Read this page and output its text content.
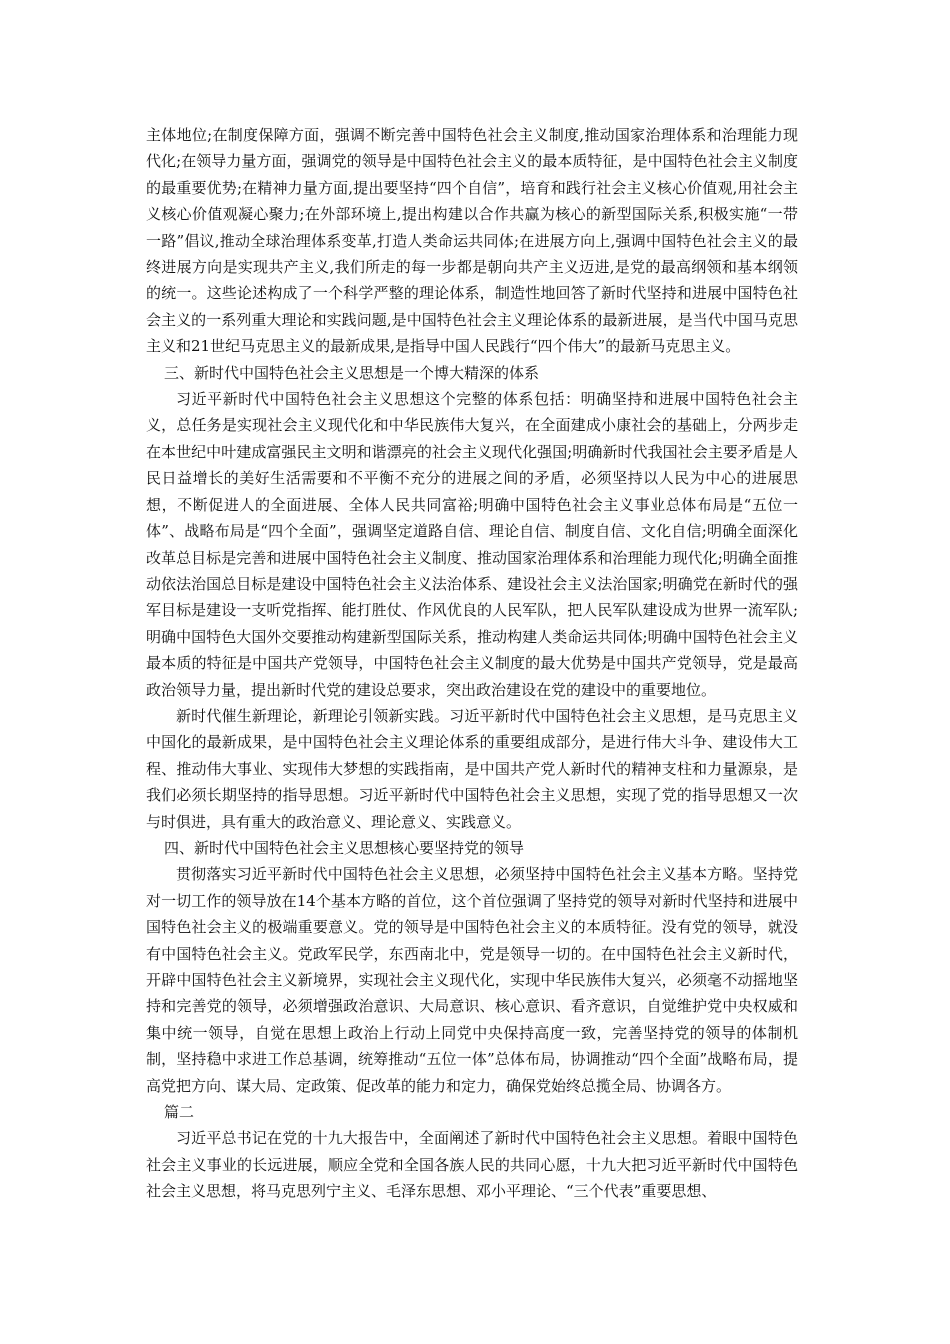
主体地位;在制度保障方面，强调不断完善中国特色社会主义制度,推动国家治理体系和治理能力现代化;在领导力量方面，强调党的领导是中国特色社会主义的最本质特征，是中国特色社会主义制度的最重要优势;在精神力量方面,提出要坚持“四个自信”，培育和践行社会主义核心价值观,用社会主义核心价值观凝心聚力;在外部环境上,提出构建以合作共赢为核心的新型国际关系,积极实施“一带一路”倡议,推动全球治理体系变革,打造人类命运共同体;在进展方向上,强调中国特色社会主义的最终进展方向是实现共产主义,我们所走的每一步都是朝向共产主义迈进,是党的最高纲领和基本纲领的统一。这些论述构成了一个科学严整的理论体系，制造性地回答了新时代坚持和进展中国特色社会主义的一系列重大理论和实践问题,是中国特色社会主义理论体系的最新进展，是当代中国马克思主义和21世纪马克思主义的最新成果,是指导中国人民践行“四个伟大”的最新马克思主义。

三、新时代中国特色社会主义思想是一个博大精深的体系

习近平新时代中国特色社会主义思想这个完整的体系包括：明确坚持和进展中国特色社会主义，总任务是实现社会主义现代化和中华民族伟大复兴，在全面建成小康社会的基础上，分两步走在本世纪中叶建成富强民主文明和谐漂亮的社会主义现代化强国;明确新时代我国社会主要矛盾是人民日益增长的美好生活需要和不平衡不充分的进展之间的矛盾，必须坚持以人民为中心的进展思想，不断促进人的全面进展、全体人民共同富裕;明确中国特色社会主义事业总体布局是“五位一体”、战略布局是“四个全面”，强调坚定道路自信、理论自信、制度自信、文化自信;明确全面深化改革总目标是完善和进展中国特色社会主义制度、推动国家治理体系和治理能力现代化;明确全面推动依法治国总目标是建设中国特色社会主义法治体系、建设社会主义法治国家;明确党在新时代的强军目标是建设一支听党指挥、能打胜仗、作风优良的人民军队，把人民军队建设成为世界一流军队;明确中国特色大国外交要推动构建新型国际关系，推动构建人类命运共同体;明确中国特色社会主义最本质的特征是中国共产党领导，中国特色社会主义制度的最大优势是中国共产党领导，党是最高政治领导力量，提出新时代党的建设总要求，突出政治建设在党的建设中的重要地位。

新时代催生新理论，新理论引领新实践。习近平新时代中国特色社会主义思想，是马克思主义中国化的最新成果，是中国特色社会主义理论体系的重要组成部分，是进行伟大斗争、建设伟大工程、推动伟大事业、实现伟大梦想的实践指南，是中国共产党人新时代的精神支柱和力量源泉，是我们必须长期坚持的指导思想。习近平新时代中国特色社会主义思想，实现了党的指导思想又一次与时俱进，具有重大的政治意义、理论意义、实践意义。

四、新时代中国特色社会主义思想核心要坚持党的领导

贯彻落实习近平新时代中国特色社会主义思想，必须坚持中国特色社会主义基本方略。坚持党对一切工作的领导放在14个基本方略的首位，这个首位强调了坚持党的领导对新时代坚持和进展中国特色社会主义的极端重要意义。党的领导是中国特色社会主义的本质特征。没有党的领导，就没有中国特色社会主义。党政军民学，东西南北中，党是领导一切的。在中国特色社会主义新时代，开辟中国特色社会主义新境界，实现社会主义现代化，实现中华民族伟大复兴，必须毫不动摇地坚持和完善党的领导，必须增强政治意识、大局意识、核心意识、看齐意识，自觉维护党中央权威和集中统一领导，自觉在思想上政治上行动上同党中央保持高度一致，完善坚持党的领导的体制机制，坚持稳中求进工作总基调，统筹推动“五位一体”总体布局，协调推动“四个全面”战略布局，提高党把方向、谋大局、定政策、促改革的能力和定力，确保党始终总揽全局、协调各方。

篇二

习近平总书记在党的十九大报告中，全面阐述了新时代中国特色社会主义思想。着眼中国特色社会主义事业的长远进展，顺应全党和全国各族人民的共同心愿，十九大把习近平新时代中国特色社会主义思想，将马克思列宁主义、毛泽东思想、邓小平理论、“三个代表”重要思想、
